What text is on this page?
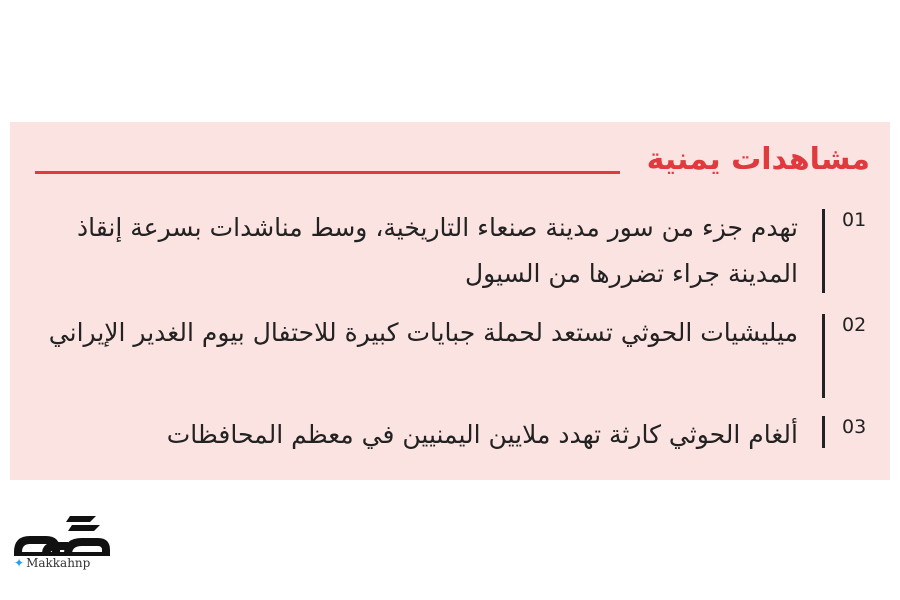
مشاهدات يمنية
01
تهدم جزء من سور مدينة صنعاء التاريخية، وسط مناشدات بسرعة إنقاذ المدينة جراء تضررها من السيول
02
ميليشيات الحوثي تستعد لحملة جبايات كبيرة للاحتفال بيوم الغدير الإيراني
03
ألغام الحوثي كارثة تهدد ملايين اليمنيين في معظم المحافظات
✦ Makkahnp
